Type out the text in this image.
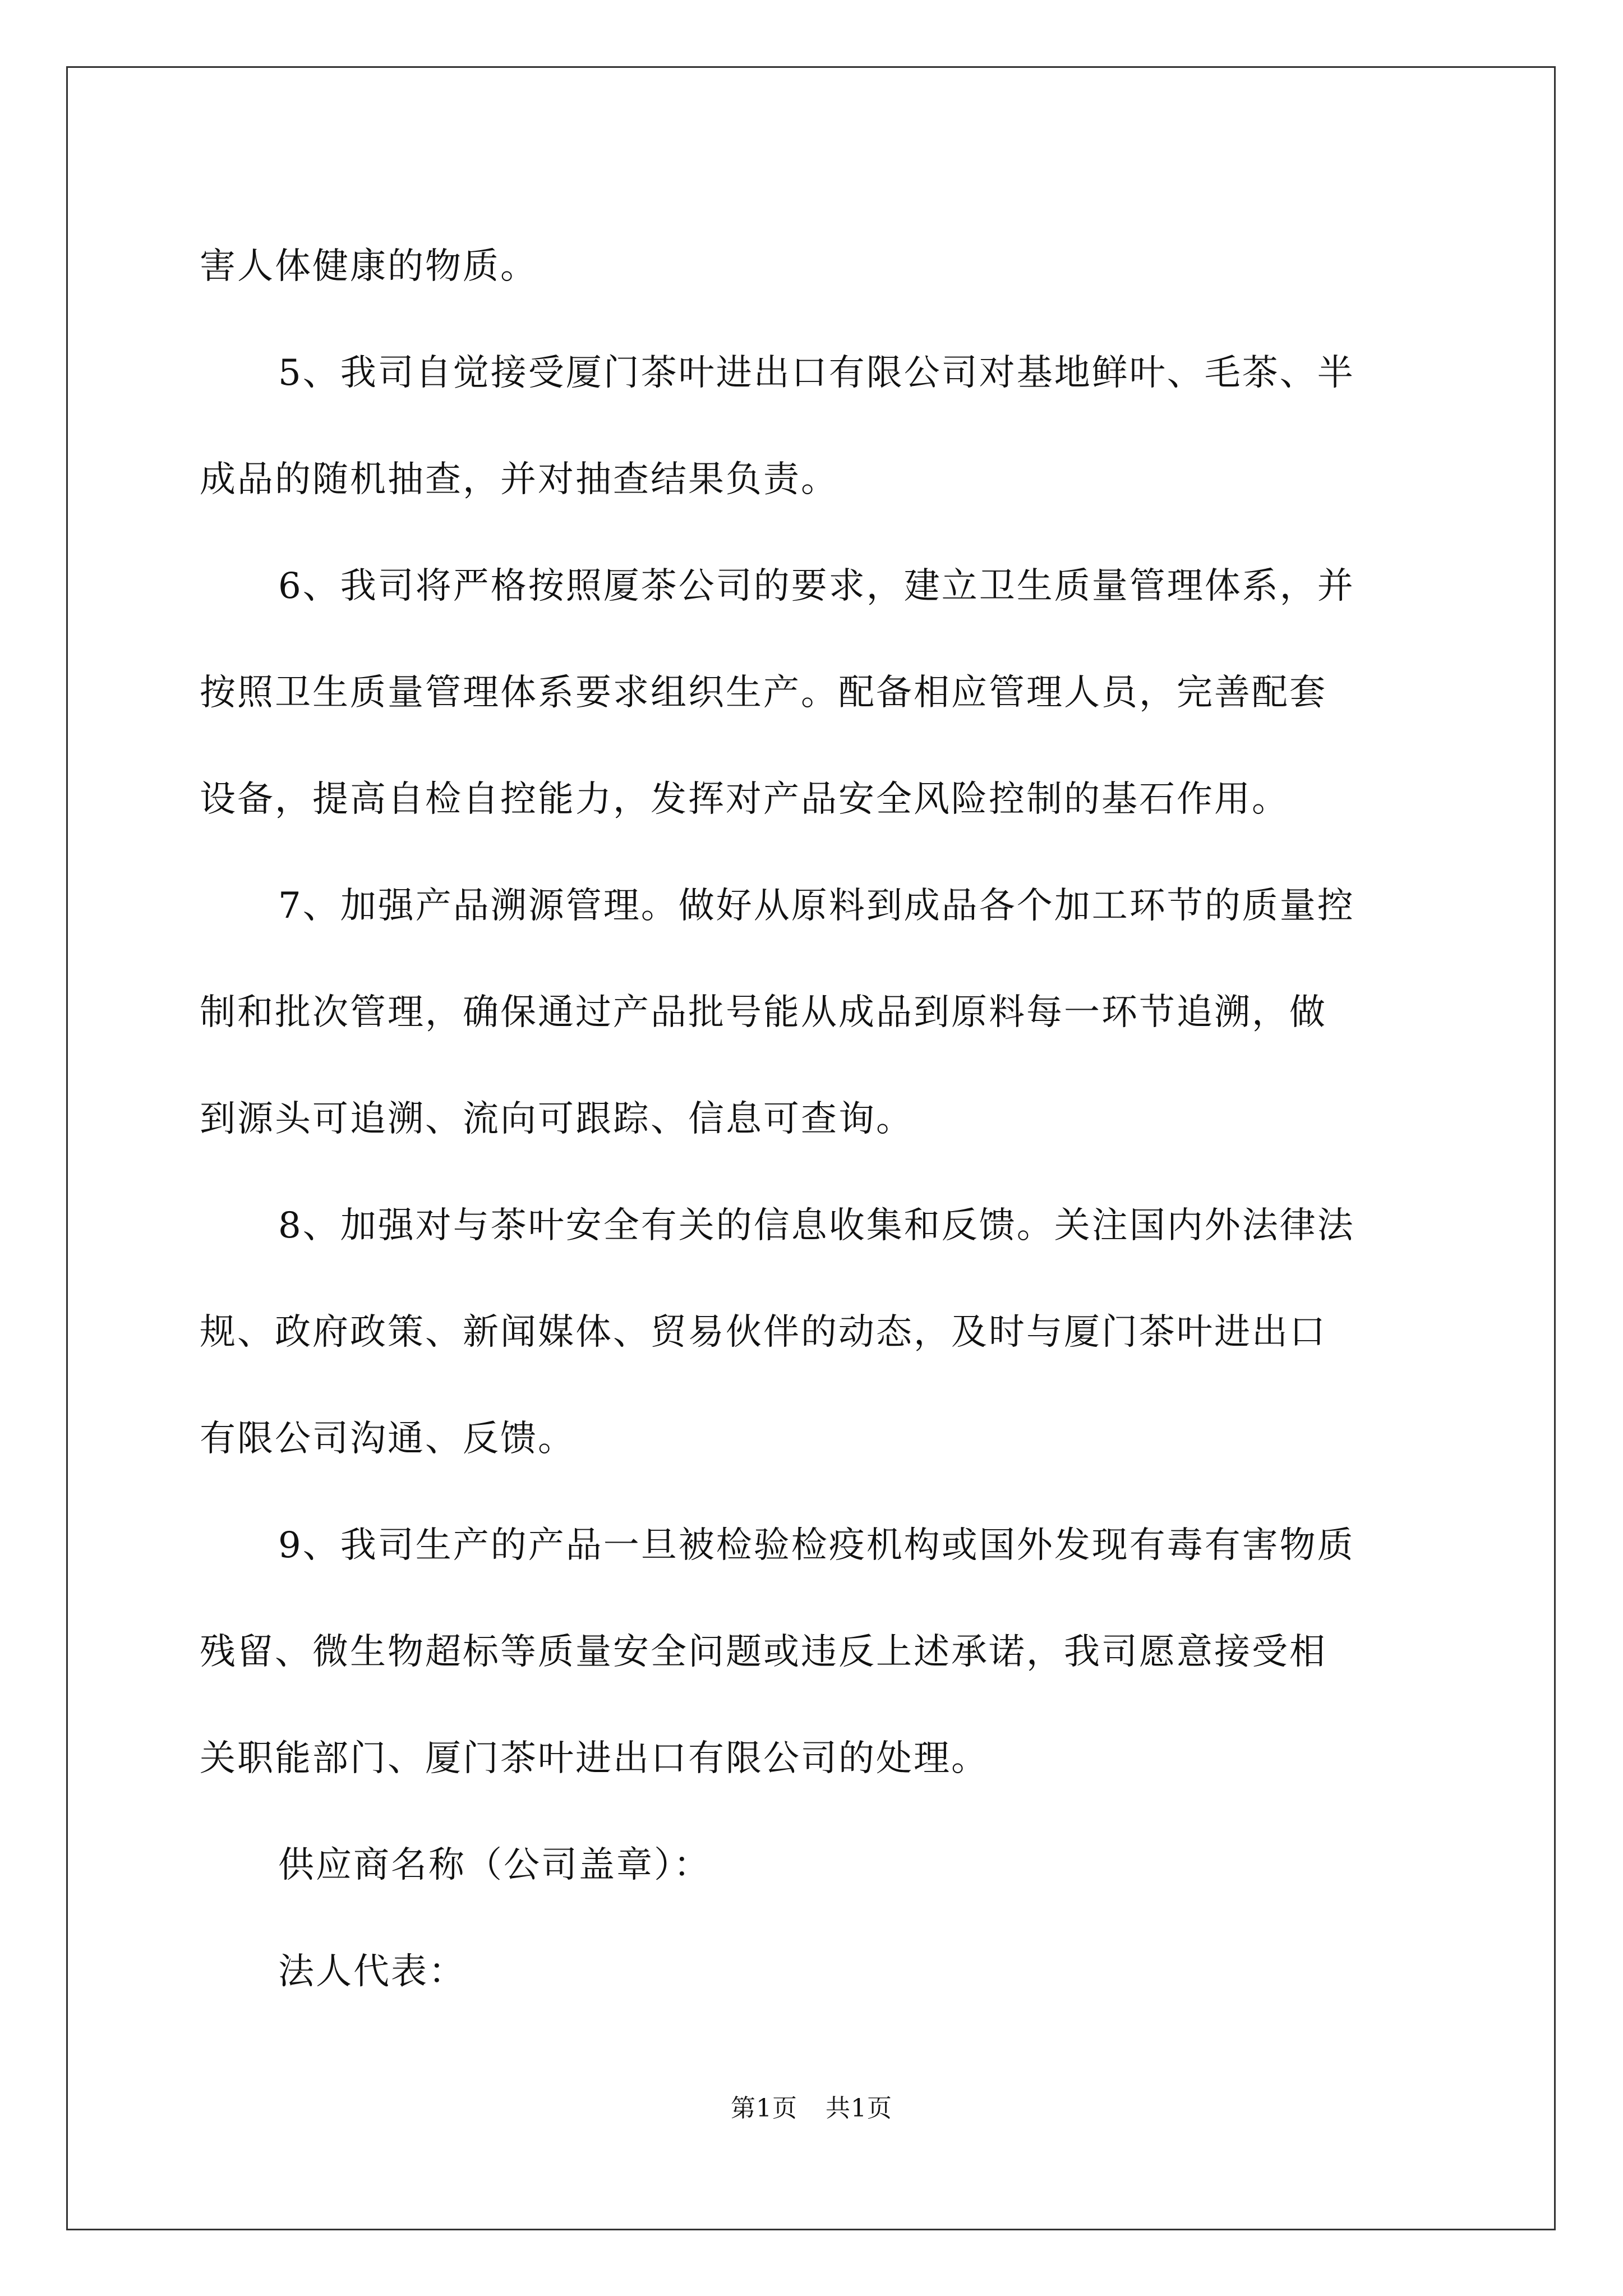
害人体健康的物质。
5、我司自觉接受厦门茶叶进出口有限公司对基地鲜叶、毛茶、半
成品的随机抽查，并对抽查结果负责。
6、我司将严格按照厦茶公司的要求，建立卫生质量管理体系，并
按照卫生质量管理体系要求组织生产。配备相应管理人员，完善配套
设备，提高自检自控能力，发挥对产品安全风险控制的基石作用。
7、加强产品溯源管理。做好从原料到成品各个加工环节的质量控
制和批次管理，确保通过产品批号能从成品到原料每一环节追溯，做
到源头可追溯、流向可跟踪、信息可查询。
8、加强对与茶叶安全有关的信息收集和反馈。关注国内外法律法
规、政府政策、新闻媒体、贸易伙伴的动态，及时与厦门茶叶进出口
有限公司沟通、反馈。
9、我司生产的产品一旦被检验检疫机构或国外发现有毒有害物质
残留、微生物超标等质量安全问题或违反上述承诺，我司愿意接受相
关职能部门、厦门茶叶进出口有限公司的处理。
供应商名称（公司盖章）：
法人代表：
第1页 共1页
